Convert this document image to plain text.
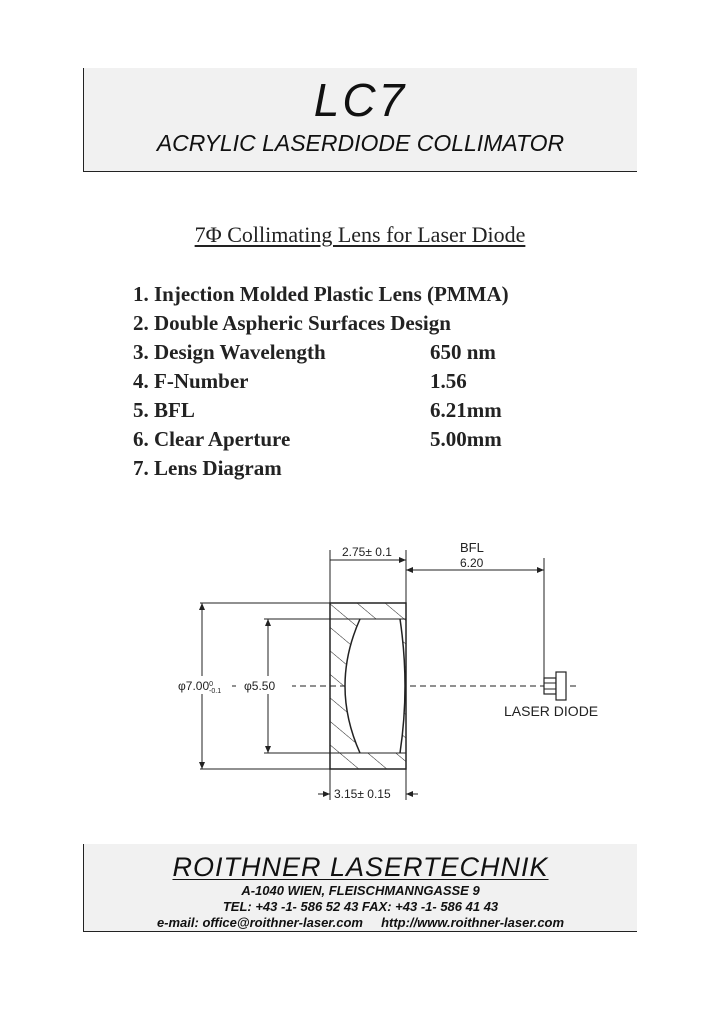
LC7
ACRYLIC LASERDIODE COLLIMATOR
7Φ Collimating Lens for Laser Diode
1. Injection Molded Plastic Lens (PMMA)
2. Double Aspheric Surfaces Design
3. Design Wavelength	650 nm
4. F-Number	1.56
5. BFL	6.21mm
6. Clear Aperture	5.00mm
7. Lens Diagram
2.75± 0.1	BFL
6.20
φ7.00$^0$ -0.1 φ5.50
3.15± 0.15
LASER DIODE
ROITHNER LASERTECHNIK
A-1040 WIEN, FLEISCHMANNGASSE 9
TEL: +43 -1- 586 52 43 FAX: +43 -1- 586 41 43
e-mail: office@roithner-laser.com http://www.roithner-laser.com
